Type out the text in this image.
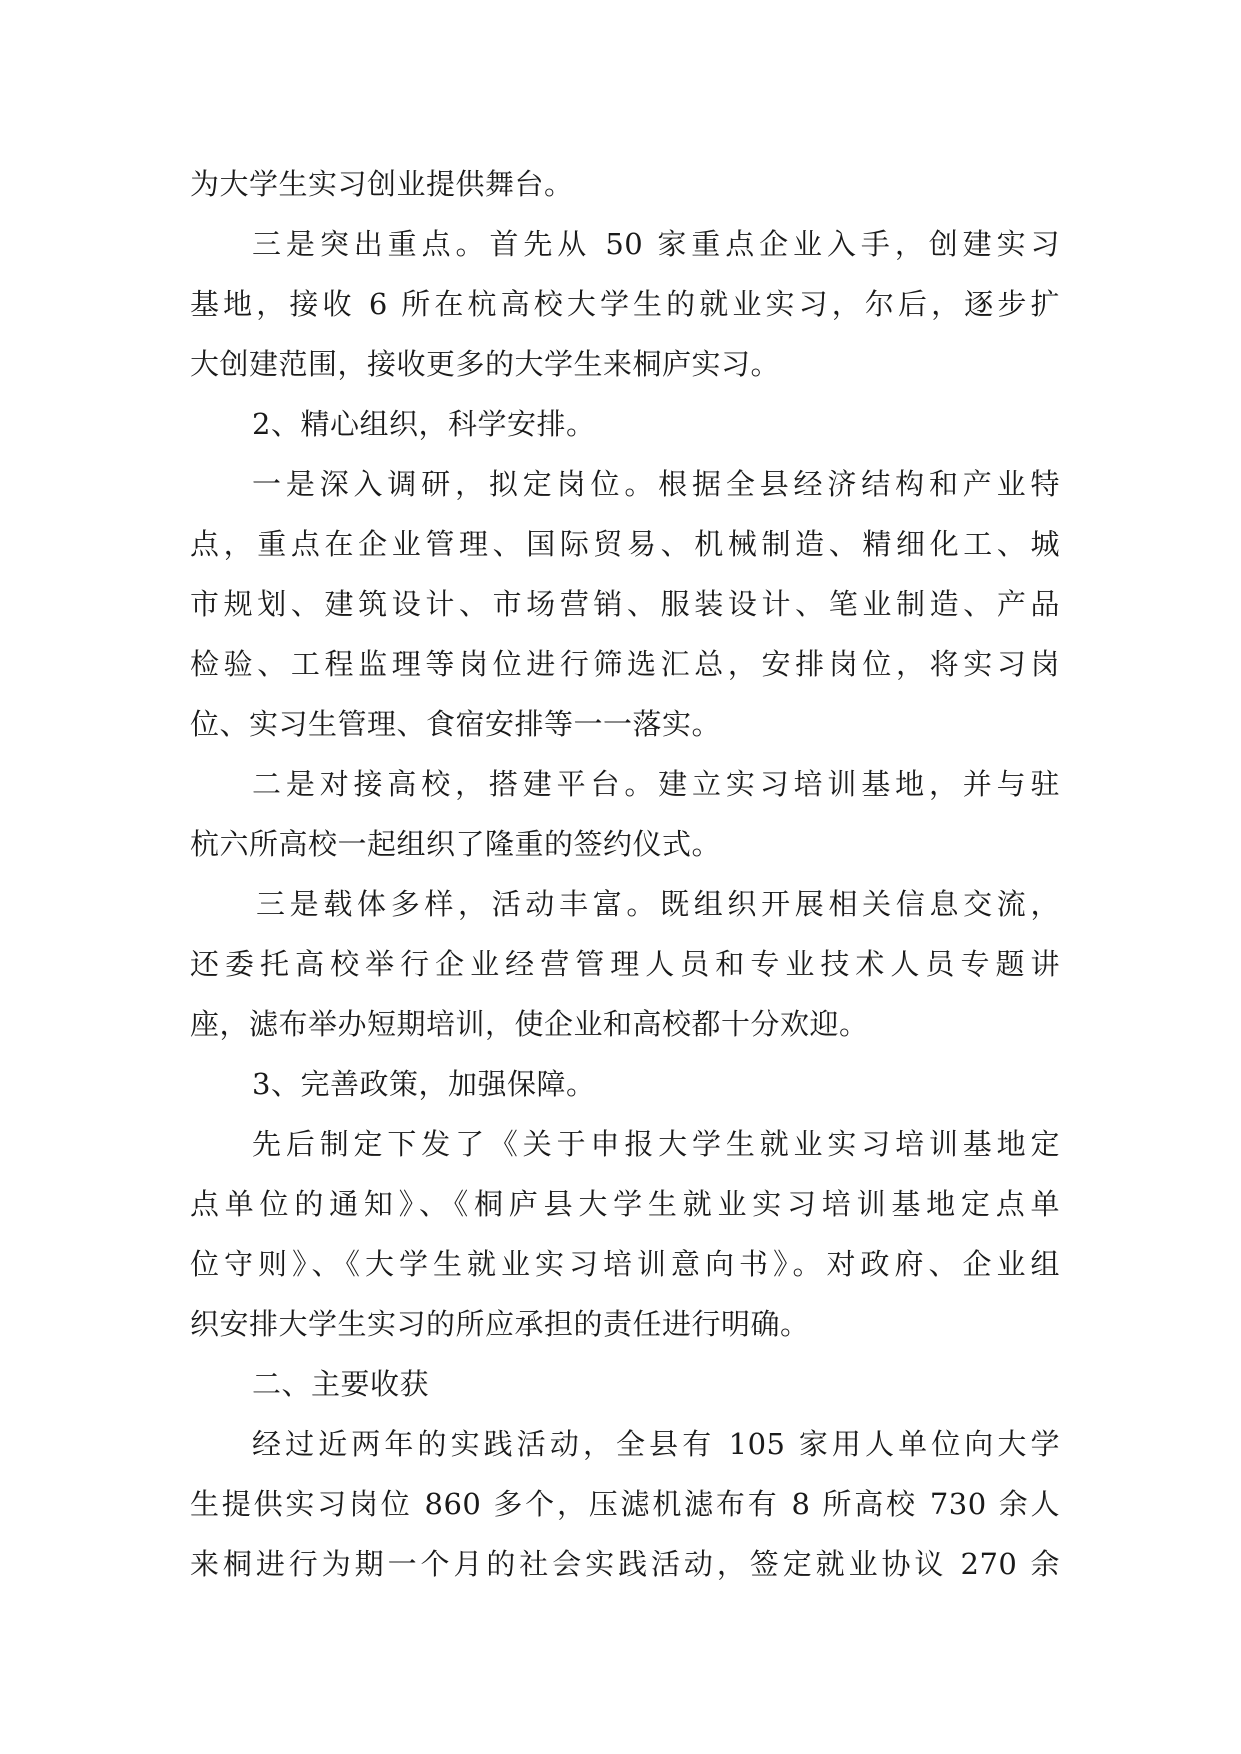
为大学生实习创业提供舞台。
三是突出重点。首先从 50 家重点企业入手，创建实习
基地，接收 6 所在杭高校大学生的就业实习，尔后，逐步扩
大创建范围，接收更多的大学生来桐庐实习。
2、精心组织，科学安排。
一是深入调研，拟定岗位。根据全县经济结构和产业特
点，重点在企业管理、国际贸易、机械制造、精细化工、城
市规划、建筑设计、市场营销、服装设计、笔业制造、产品
检验、工程监理等岗位进行筛选汇总，安排岗位，将实习岗
位、实习生管理、食宿安排等一一落实。
二是对接高校，搭建平台。建立实习培训基地，并与驻
杭六所高校一起组织了隆重的签约仪式。
三是载体多样，活动丰富。既组织开展相关信息交流，
还委托高校举行企业经营管理人员和专业技术人员专题讲
座，滤布举办短期培训，使企业和高校都十分欢迎。
3、完善政策，加强保障。
先后制定下发了《关于申报大学生就业实习培训基地定
点单位的通知》、《桐庐县大学生就业实习培训基地定点单
位守则》、《大学生就业实习培训意向书》。对政府、企业组
织安排大学生实习的所应承担的责任进行明确。
二、主要收获
经过近两年的实践活动，全县有 105 家用人单位向大学
生提供实习岗位 860 多个，压滤机滤布有 8 所高校 730 余人
来桐进行为期一个月的社会实践活动，签定就业协议 270 余
